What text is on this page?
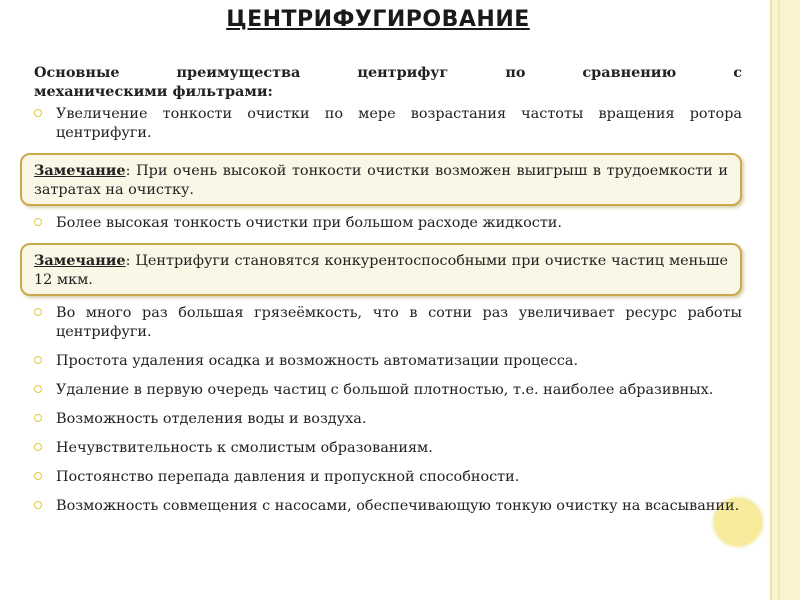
ЦЕНТРИФУГИРОВАНИЕ
Основные	преимущества	центрифуг	по	сравнению	с
механическими фильтрами:
Увеличение тонкости очистки по мере возрастания частоты вращения ротора центрифуги.
Замечание: При очень высокой тонкости очистки возможен выигрыш в трудоемкости и затратах на очистку.
Более высокая тонкость очистки при большом расходе жидкости.
Замечание: Центрифуги становятся конкурентоспособными при очистке частиц меньше 12 мкм.
Во много раз большая грязеёмкость, что в сотни раз увеличивает ресурс работы центрифуги.
Простота удаления осадка и возможность автоматизации процесса.
Удаление в первую очередь частиц с большой плотностью, т.е. наиболее абразивных.
Возможность отделения воды и воздуха.
Нечувствительность к смолистым образованиям.
Постоянство перепада давления и пропускной способности.
Возможность совмещения с насосами, обеспечивающую тонкую очистку на всасывании.
